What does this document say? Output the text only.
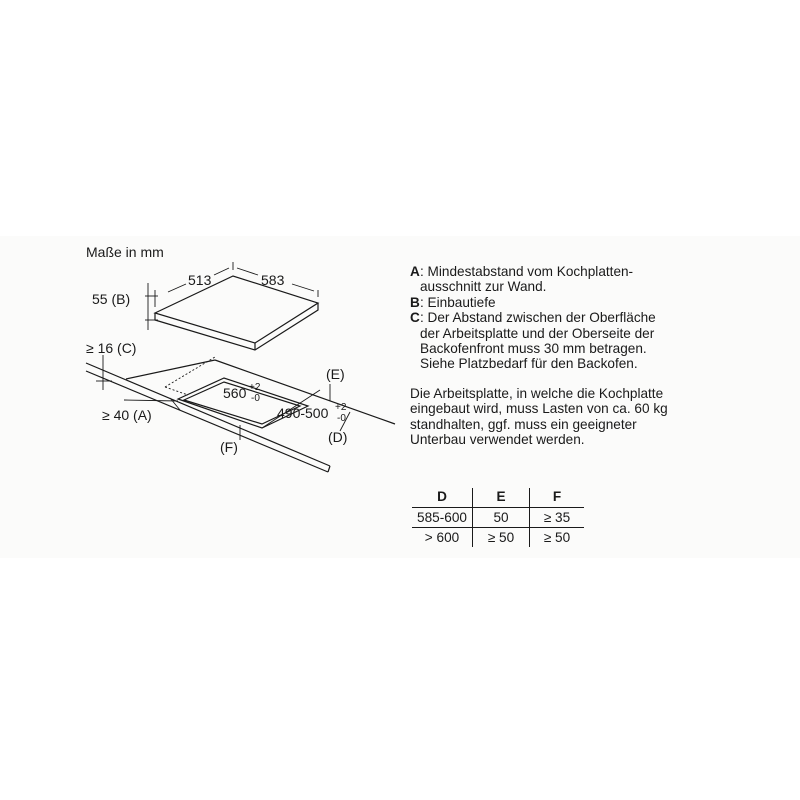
Maße in mm
513	583
55 (B)
≥ 16 (C)
≥ 40 (A)
560 +2
-0
490-500 +2
-0
(E)
(D)
(F)
A : Mindestabstand vom Kochplatten-
ausschnitt zur Wand.
B : Einbautiefe
C : Der Abstand zwischen der Oberfläche
der Arbeitsplatte und der Oberseite der
Backofenfront muss 30 mm betragen.
Siehe Platzbedarf für den Backofen.
Die Arbeitsplatte, in welche die Kochplatte
eingebaut wird, muss Lasten von ca. 60 kg
standhalten, ggf. muss ein geeigneter
Unterbau verwendet werden.
D	E	F
585-600	50	≥ 35
> 600	≥ 50	≥ 50
